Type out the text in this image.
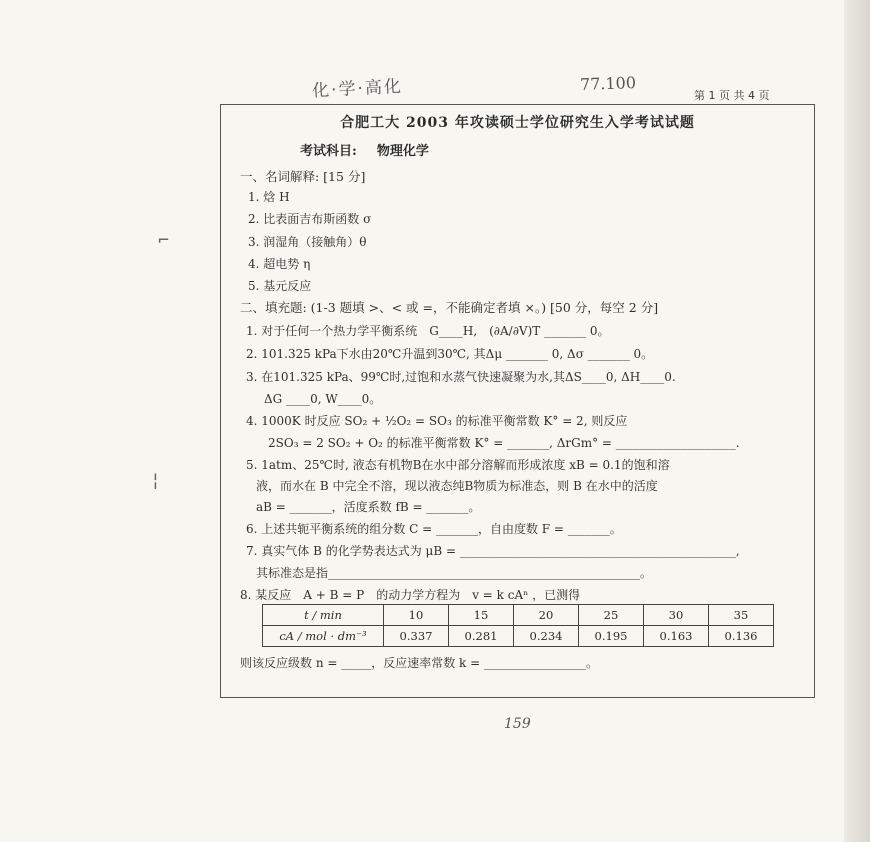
化·学·高化	77.100
第 1 页 共 4 页
⌐
¦
合肥工大 2003 年攻读硕士学位研究生入学考试试题
考试科目: 物理化学
一、名词解释: [15 分]
1. 焓 H
2. 比表面吉布斯函数 σ
3. 润湿角（接触角）θ
4. 超电势 η
5. 基元反应
二、填充题: (1-3 题填 >、< 或 =，不能确定者填 ×。) [50 分，每空 2 分]
1. 对于任何一个热力学平衡系统　G____H,　(∂A/∂V)T _______ 0。
2. 101.325 kPa下水由20℃升温到30℃, 其Δμ _______ 0, Δσ _______ 0。
3. 在101.325 kPa、99℃时,过饱和水蒸气快速凝聚为水,其ΔS____0, ΔH____0.
ΔG ____0, W____0。
4. 1000K 时反应 SO₂ + ½O₂ = SO₃ 的标准平衡常数 K° = 2, 则反应
2SO₃ = 2 SO₂ + O₂ 的标准平衡常数 K° = _______, ΔrGm° = ____________________.
5. 1atm、25℃时, 液态有机物B在水中部分溶解而形成浓度 xB = 0.1的饱和溶
液，而水在 B 中完全不溶，现以液态纯B物质为标准态，则 B 在水中的活度
aB = _______，活度系数 fB = _______。
6. 上述共轭平衡系统的组分数 C = _______，自由度数 F = _______。
7. 真实气体 B 的化学势表达式为 μB = ______________________________________________,
其标准态是指____________________________________________________。
8. 某反应　A + B = P　的动力学方程为　v = k cAⁿ ，已测得
t / min	10	15	20	25	30	35
cA / mol · dm⁻³	0.337	0.281	0.234	0.195	0.163	0.136
则该反应级数 n = _____，反应速率常数 k = _________________。
159
